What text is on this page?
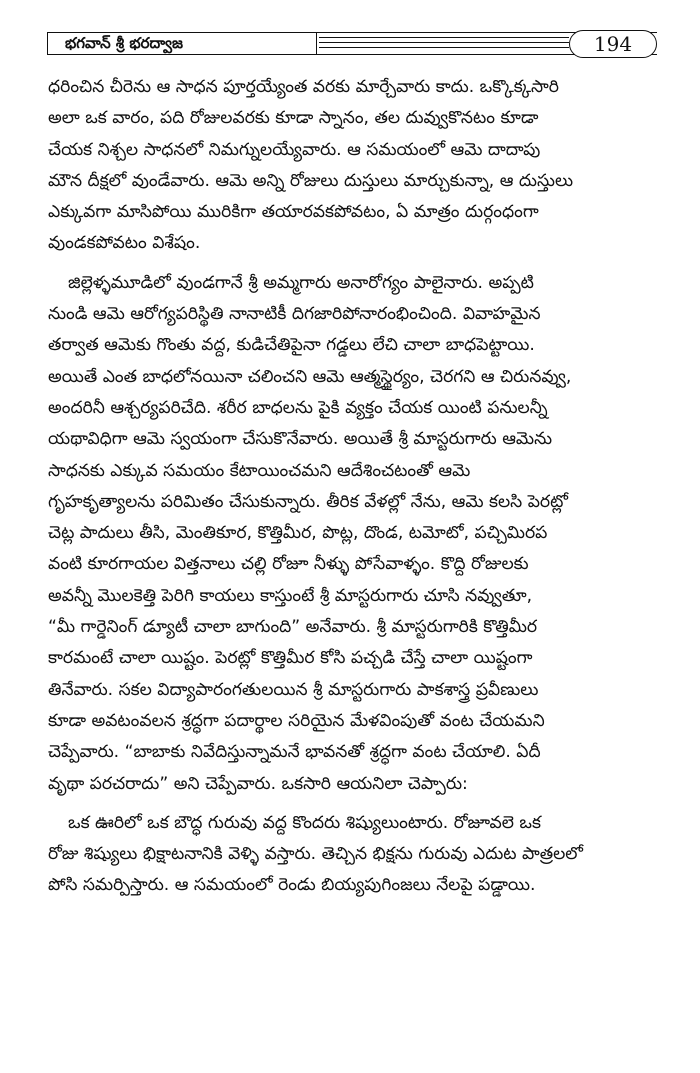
భగవాన్ శ్రీ భరద్వాజ	194

ధరించిన చీరెను ఆ సాధన పూర్తయ్యేంత వరకు మార్చేవారు కాదు. ఒక్కొక్కసారి

అలా ఒక వారం, పది రోజులవరకు కూడా స్నానం, తల దువ్వుకొనటం కూడా

చేయక నిశ్చల సాధనలో నిమగ్నులయ్యేవారు. ఆ సమయంలో ఆమె దాదాపు

మౌన దీక్షలో వుండేవారు. ఆమె అన్ని రోజులు దుస్తులు మార్చుకున్నా, ఆ దుస్తులు

ఎక్కువగా మాసిపోయి మురికిగా తయారవకపోవటం, ఏ మాత్రం దుర్గంధంగా

వుండకపోవటం విశేషం.

జిల్లెళ్ళమూడిలో వుండగానే శ్రీ అమ్మగారు అనారోగ్యం పాలైనారు. అప్పటి

నుండి ఆమె ఆరోగ్యపరిస్థితి నానాటికీ దిగజారిపోనారంభించింది. వివాహమైన

తర్వాత ఆమెకు గొంతు వద్ద, కుడిచేతిపైనా గడ్డలు లేచి చాలా బాధపెట్టాయి.

అయితే ఎంత బాధలోనయినా చలించని ఆమె ఆత్మస్థైర్యం, చెరగని ఆ చిరునవ్వు,

అందరినీ ఆశ్చర్యపరిచేది. శరీర బాధలను పైకి వ్యక్తం చేయక యింటి పనులన్నీ

యథావిధిగా ఆమె స్వయంగా చేసుకొనేవారు. అయితే శ్రీ మాస్టరుగారు ఆమెను

సాధనకు ఎక్కువ సమయం కేటాయించమని ఆదేశించటంతో ఆమె

గృహకృత్యాలను పరిమితం చేసుకున్నారు. తీరిక వేళల్లో నేను, ఆమె కలసి పెరట్లో

చెట్ల పాదులు తీసి, మెంతికూర, కొత్తిమీర, పొట్ల, దొండ, టమోటో, పచ్చిమిరప

వంటి కూరగాయల విత్తనాలు చల్లి రోజూ నీళ్ళు పోసేవాళ్ళం. కొద్ది రోజులకు

అవన్నీ మొలకెత్తి పెరిగి కాయలు కాస్తుంటే శ్రీ మాస్టరుగారు చూసి నవ్వుతూ,

“మీ గార్డెనింగ్ డ్యూటీ చాలా బాగుంది” అనేవారు. శ్రీ మాస్టరుగారికి కొత్తిమీర

కారమంటే చాలా యిష్టం. పెరట్లో కొత్తిమీర కోసి పచ్చడి చేస్తే చాలా యిష్టంగా

తినేవారు. సకల విద్యాపారంగతులయిన శ్రీ మాస్టరుగారు పాకశాస్త్ర ప్రవీణులు

కూడా అవటంవలన శ్రద్ధగా పదార్థాల సరియైన మేళవింపుతో వంట చేయమని

చెప్పేవారు. “బాబాకు నివేదిస్తున్నామనే భావనతో శ్రద్ధగా వంట చేయాలి. ఏదీ

వృథా పరచరాదు” అని చెప్పేవారు. ఒకసారి ఆయనిలా చెప్పారు:

ఒక ఊరిలో ఒక బౌద్ధ గురువు వద్ద కొందరు శిష్యులుంటారు. రోజూవలె ఒక

రోజు శిష్యులు భిక్షాటనానికి వెళ్ళి వస్తారు. తెచ్చిన భిక్షను గురువు ఎదుట పాత్రలలో

పోసి సమర్పిస్తారు. ఆ సమయంలో రెండు బియ్యపుగింజలు నేలపై పడ్డాయి.
